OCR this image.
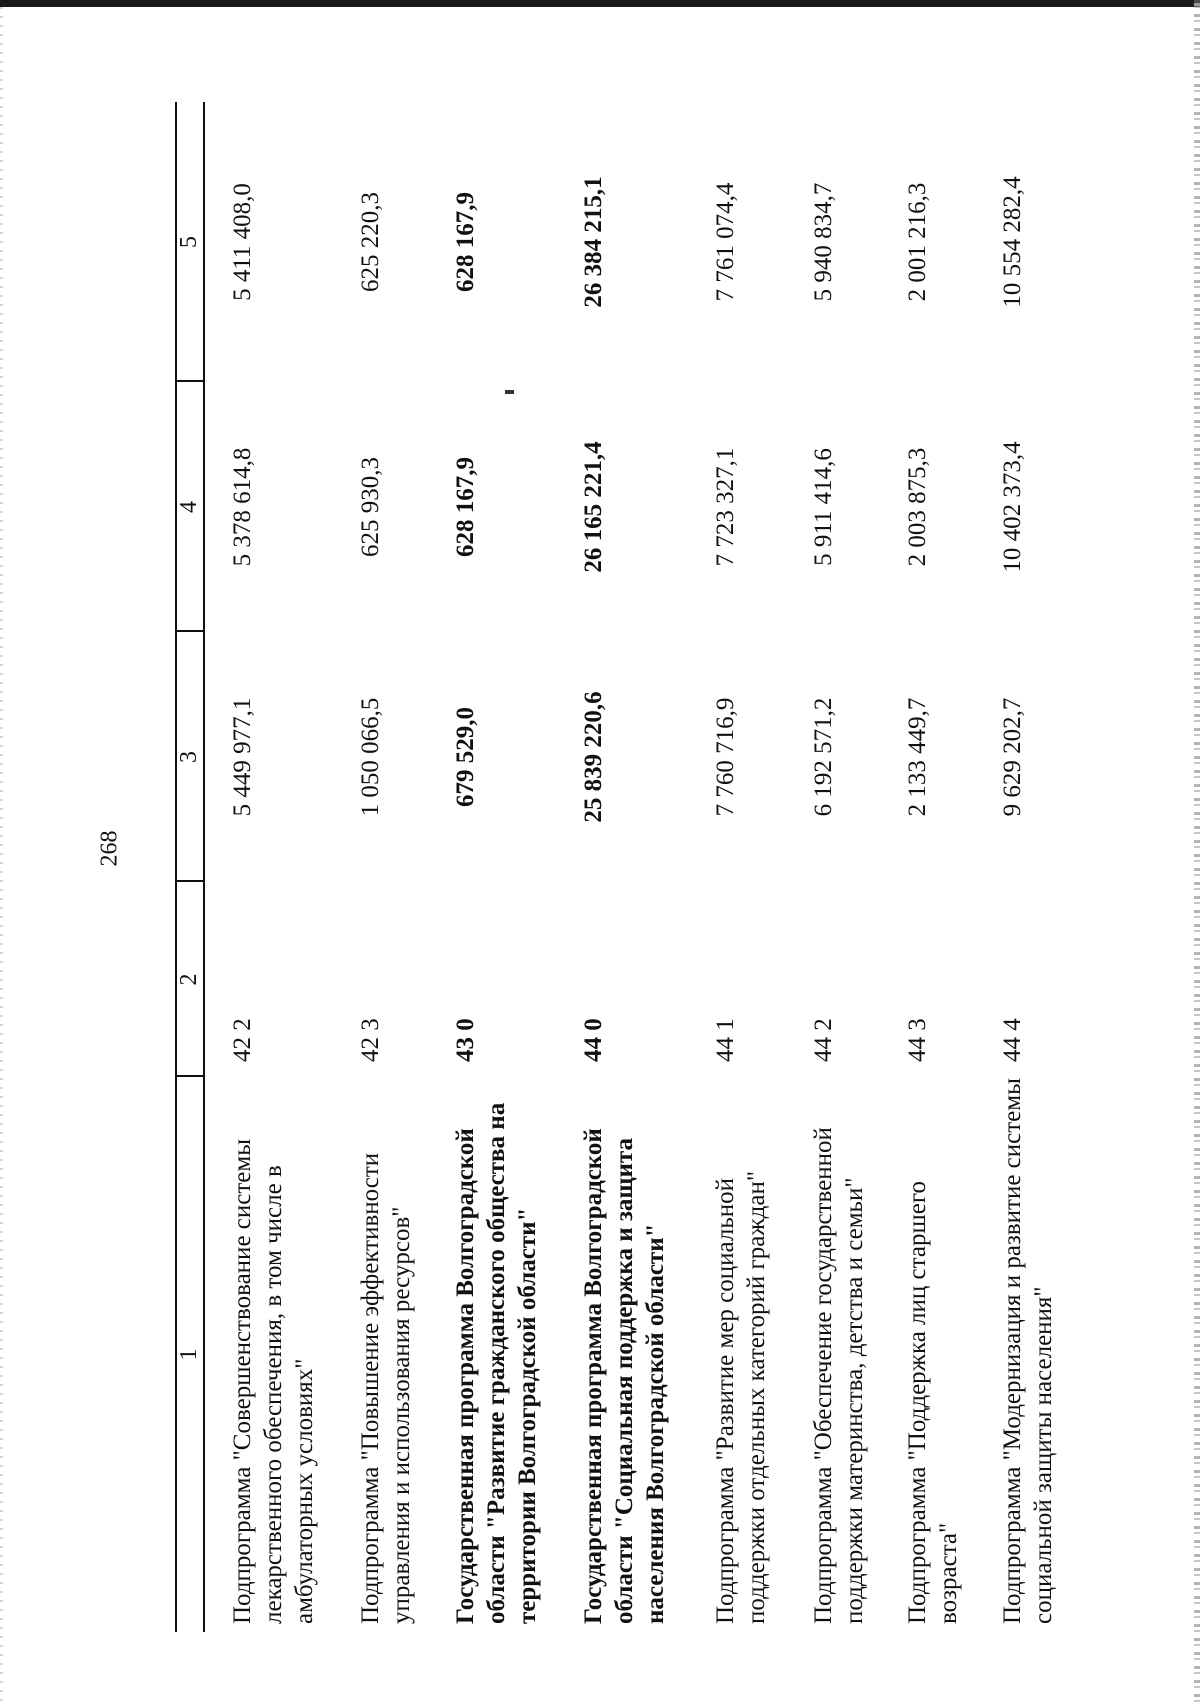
268
1
2
3
4
5
Подпрограмма "Совершенствование системы лекарственного обеспечения, в том числе в амбулаторных условиях"
42 2
5 449 977,1
5 378 614,8
5 411 408,0
Подпрограмма "Повышение эффективности управления и использования ресурсов"
42 3
1 050 066,5
625 930,3
625 220,3
Государственная программа Волгоградской области "Развитие гражданского общества на территории Волгоградской области"
43 0
679 529,0
628 167,9
628 167,9
Государственная программа Волгоградской области "Социальная поддержка и защита населения Волгоградской области"
44 0
25 839 220,6
26 165 221,4
26 384 215,1
Подпрограмма "Развитие мер социальной поддержки отдельных категорий граждан"
44 1
7 760 716,9
7 723 327,1
7 761 074,4
Подпрограмма "Обеспечение государственной поддержки материнства, детства и семьи"
44 2
6 192 571,2
5 911 414,6
5 940 834,7
Подпрограмма "Поддержка лиц старшего возраста"
44 3
2 133 449,7
2 003 875,3
2 001 216,3
Подпрограмма "Модернизация и развитие системы социальной защиты населения"
44 4
9 629 202,7
10 402 373,4
10 554 282,4
